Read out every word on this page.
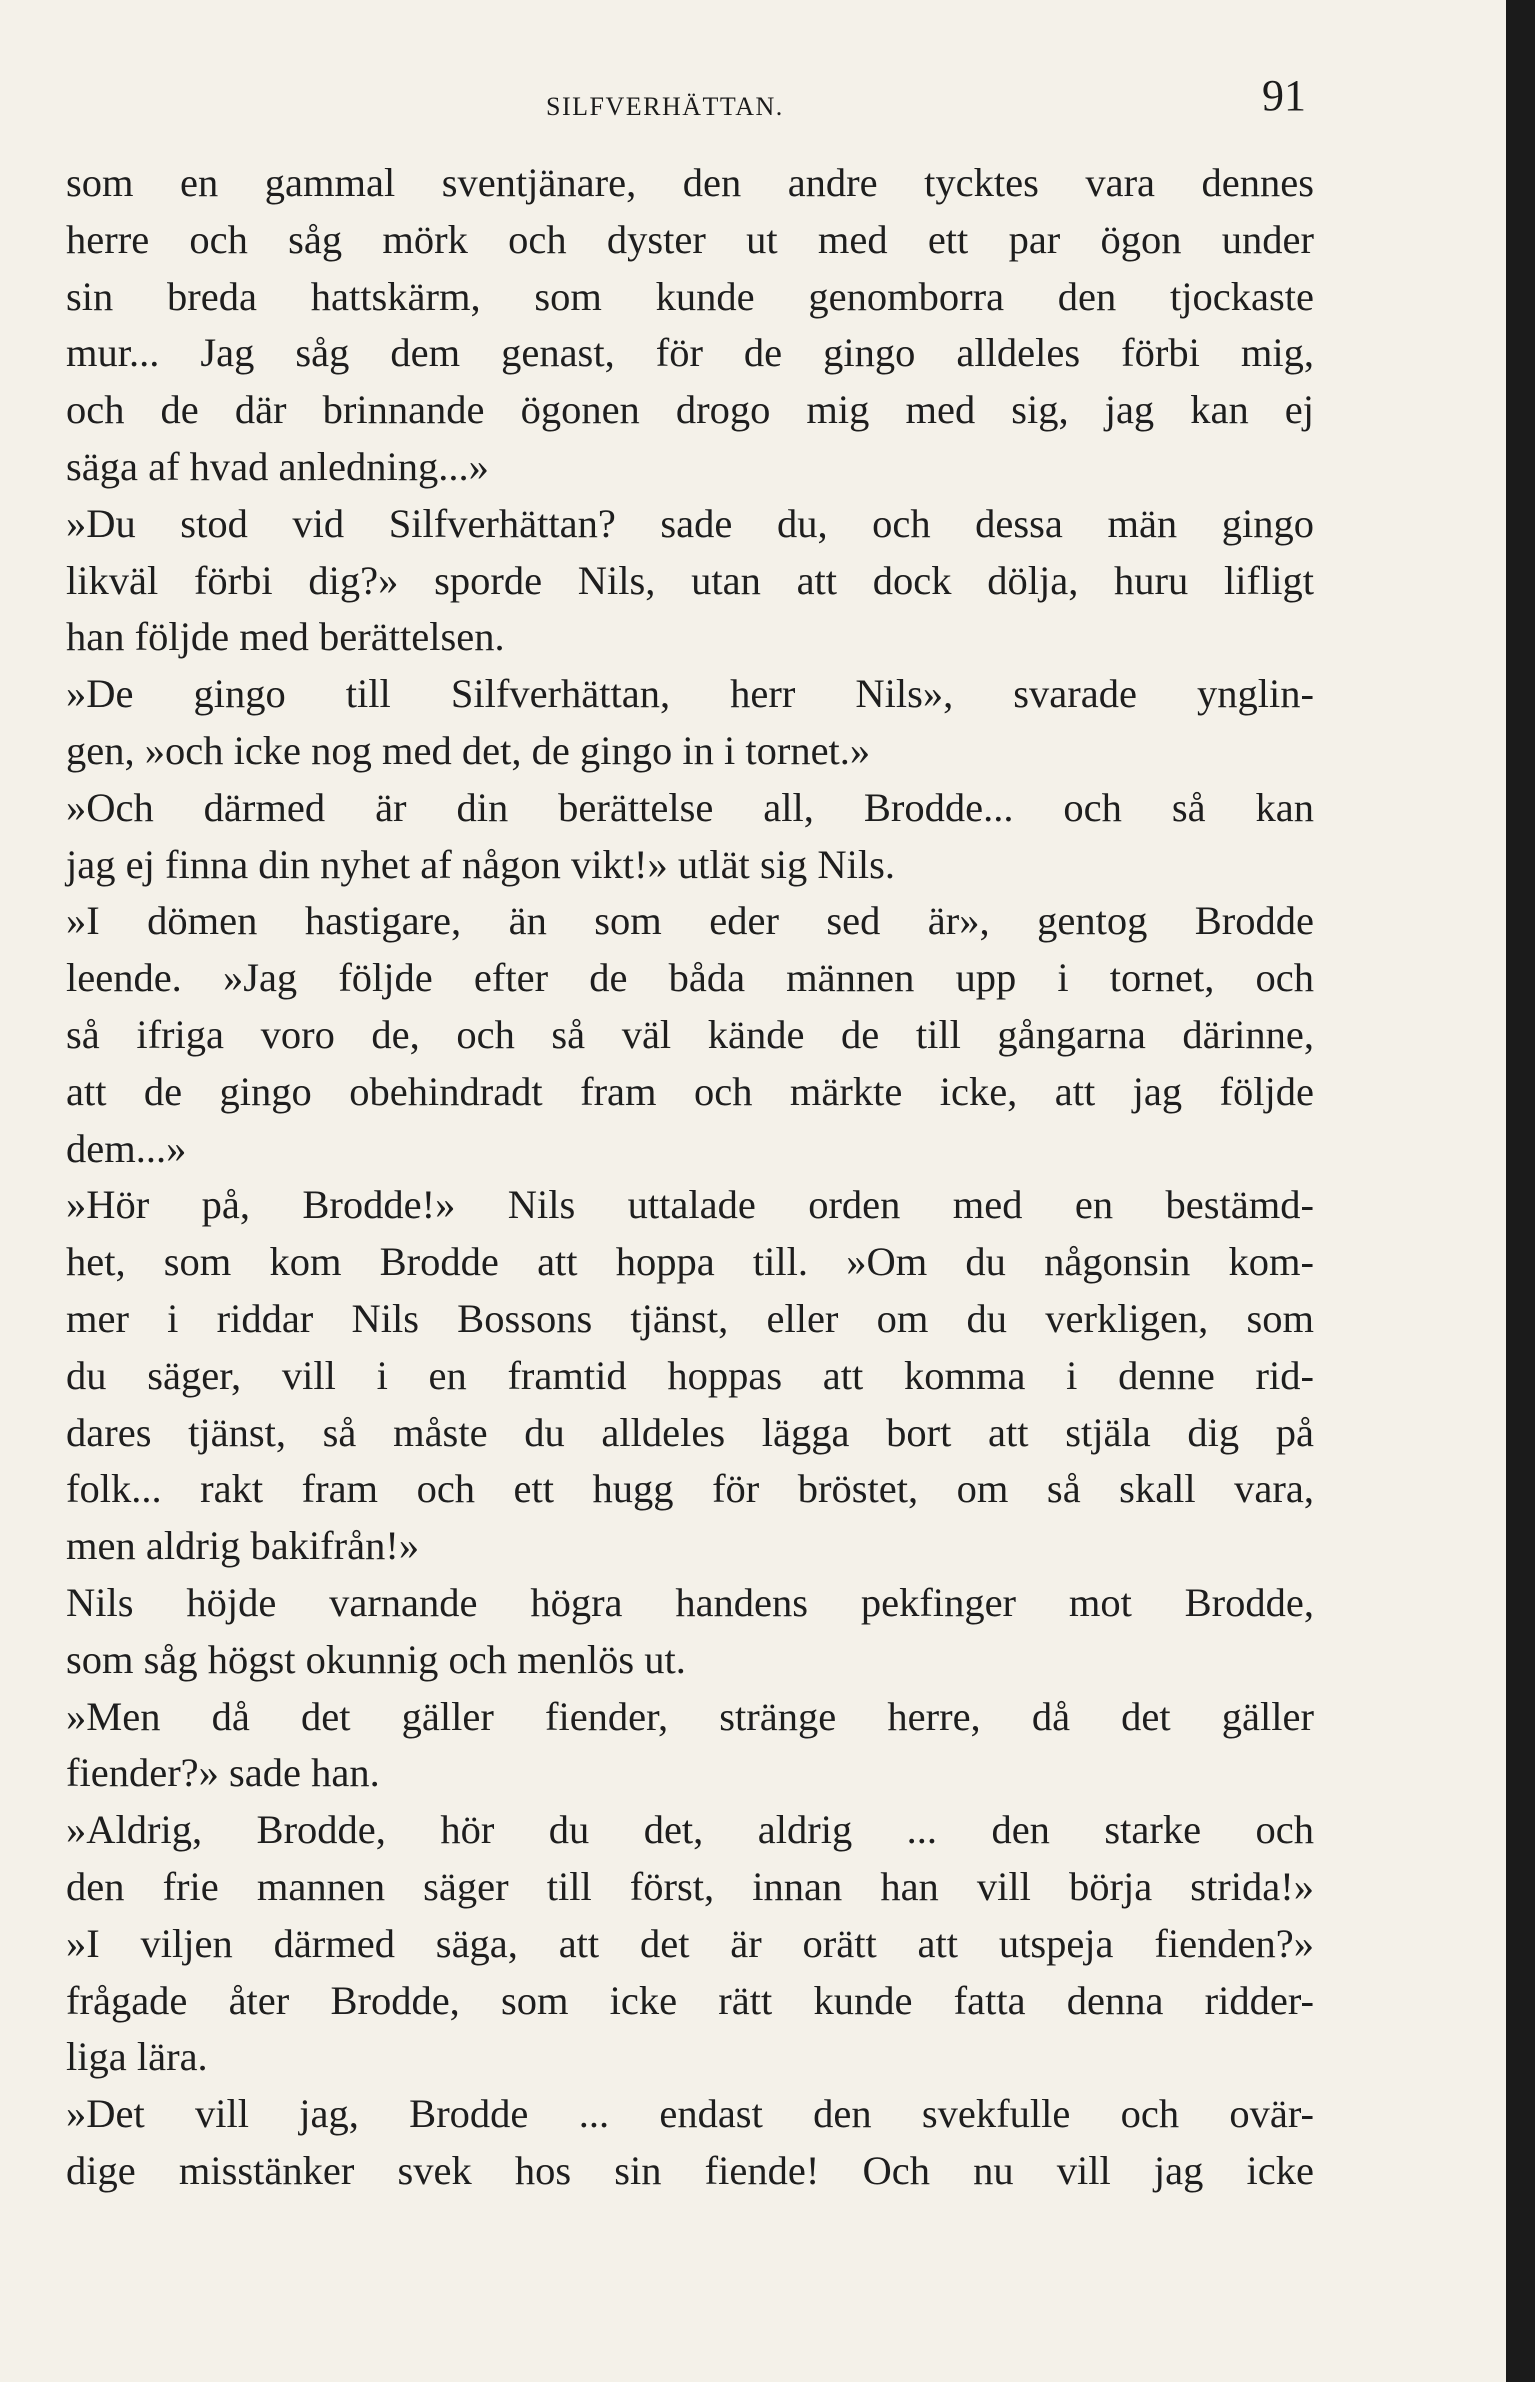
SILFVERHÄTTAN.	91
som en gammal sventjänare, den andre tycktes vara dennes
herre och såg mörk och dyster ut med ett par ögon under
sin breda hattskärm, som kunde genomborra den tjockaste
mur... Jag såg dem genast, för de gingo alldeles förbi mig,
och de där brinnande ögonen drogo mig med sig, jag kan ej
säga af hvad anledning...»
»Du stod vid Silfverhättan? sade du, och dessa män gingo
likväl förbi dig?» sporde Nils, utan att dock dölja, huru lifligt
han följde med berättelsen.
»De gingo till Silfverhättan, herr Nils», svarade ynglin-
gen, »och icke nog med det, de gingo in i tornet.»
»Och därmed är din berättelse all, Brodde... och så kan
jag ej finna din nyhet af någon vikt!» utlät sig Nils.
»I dömen hastigare, än som eder sed är», gentog Brodde
leende. »Jag följde efter de båda männen upp i tornet, och
så ifriga voro de, och så väl kände de till gångarna därinne,
att de gingo obehindradt fram och märkte icke, att jag följde
dem...»
»Hör på, Brodde!» Nils uttalade orden med en bestämd-
het, som kom Brodde att hoppa till. »Om du någonsin kom-
mer i riddar Nils Bossons tjänst, eller om du verkligen, som
du säger, vill i en framtid hoppas att komma i denne rid-
dares tjänst, så måste du alldeles lägga bort att stjäla dig på
folk... rakt fram och ett hugg för bröstet, om så skall vara,
men aldrig bakifrån!»
Nils höjde varnande högra handens pekfinger mot Brodde,
som såg högst okunnig och menlös ut.
»Men då det gäller fiender, stränge herre, då det gäller
fiender?» sade han.
»Aldrig, Brodde, hör du det, aldrig ... den starke och
den frie mannen säger till först, innan han vill börja strida!»
»I viljen därmed säga, att det är orätt att utspeja fienden?»
frågade åter Brodde, som icke rätt kunde fatta denna ridder-
liga lära.
»Det vill jag, Brodde ... endast den svekfulle och ovär-
dige misstänker svek hos sin fiende! Och nu vill jag icke
